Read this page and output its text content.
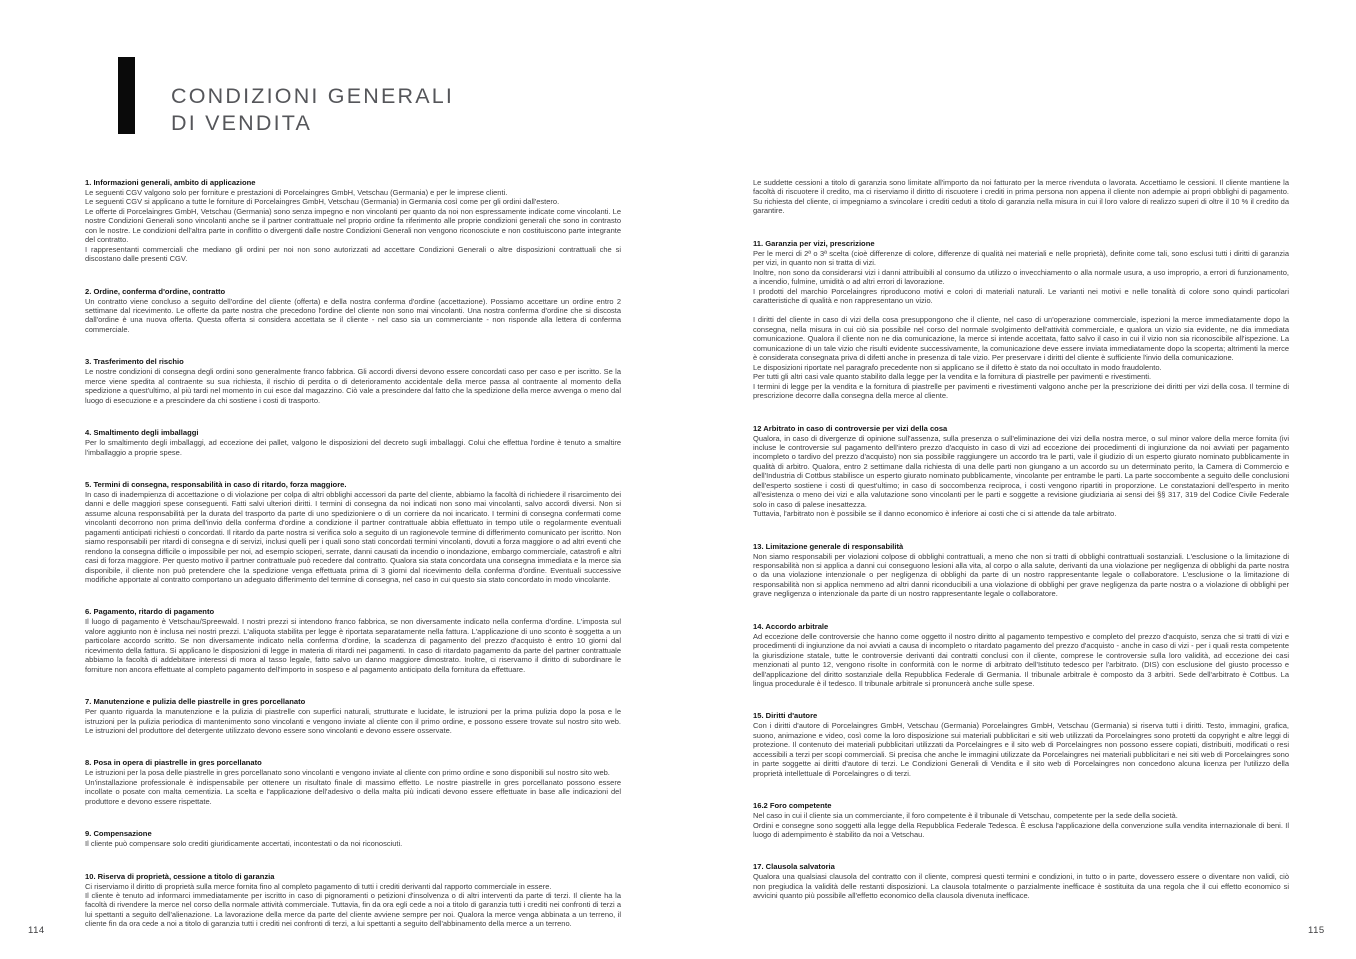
CONDIZIONI GENERALI
DI VENDITA
1. Informazioni generali, ambito di applicazione

Le seguenti CGV valgono solo per forniture e prestazioni di Porcelaingres GmbH, Vetschau (Germania) e per le imprese clienti.

Le seguenti CGV si applicano a tutte le forniture di Porcelaingres GmbH, Vetschau (Germania) in Germania così come per gli ordini dall'estero.

Le offerte di Porcelaingres GmbH, Vetschau (Germania) sono senza impegno e non vincolanti per quanto da noi non espressamente indicate come vincolanti. Le nostre Condizioni Generali sono vincolanti anche se il partner contrattuale nel proprio ordine fa riferimento alle proprie condizioni generali che sono in contrasto con le nostre. Le condizioni dell'altra parte in conflitto o divergenti dalle nostre Condizioni Generali non vengono riconosciute e non costituiscono parte integrante del contratto.

I rappresentanti commerciali che mediano gli ordini per noi non sono autorizzati ad accettare Condizioni Generali o altre disposizioni contrattuali che si discostano dalle presenti CGV.

2. Ordine, conferma d'ordine, contratto

Un contratto viene concluso a seguito dell'ordine del cliente (offerta) e della nostra conferma d'ordine (accettazione). Possiamo accettare un ordine entro 2 settimane dal ricevimento. Le offerte da parte nostra che precedono l'ordine del cliente non sono mai vincolanti. Una nostra conferma d'ordine che si discosta dall'ordine è una nuova offerta. Questa offerta si considera accettata se il cliente - nel caso sia un commerciante - non risponde alla lettera di conferma commerciale.

3. Trasferimento del rischio

Le nostre condizioni di consegna degli ordini sono generalmente franco fabbrica. Gli accordi diversi devono essere concordati caso per caso e per iscritto. Se la merce viene spedita al contraente su sua richiesta, il rischio di perdita o di deterioramento accidentale della merce passa al contraente al momento della spedizione a quest'ultimo, al più tardi nel momento in cui esce dal magazzino. Ciò vale a prescindere dal fatto che la spedizione della merce avvenga o meno dal luogo di esecuzione e a prescindere da chi sostiene i costi di trasporto.

4. Smaltimento degli imballaggi

Per lo smaltimento degli imballaggi, ad eccezione dei pallet, valgono le disposizioni del decreto sugli imballaggi. Colui che effettua l'ordine è tenuto a smaltire l'imballaggio a proprie spese.

5. Termini di consegna, responsabilità in caso di ritardo, forza maggiore.

In caso di inadempienza di accettazione o di violazione per colpa di altri obblighi accessori da parte del cliente, abbiamo la facoltà di richiedere il risarcimento dei danni e delle maggiori spese conseguenti. Fatti salvi ulteriori diritti. I termini di consegna da noi indicati non sono mai vincolanti, salvo accordi diversi. Non si assume alcuna responsabilità per la durata del trasporto da parte di uno spedizioniere o di un corriere da noi incaricato. I termini di consegna confermati come vincolanti decorrono non prima dell'invio della conferma d'ordine a condizione il partner contrattuale abbia effettuato in tempo utile o regolarmente eventuali pagamenti anticipati richiesti o concordati. Il ritardo da parte nostra si verifica solo a seguito di un ragionevole termine di differimento comunicato per iscritto. Non siamo responsabili per ritardi di consegna e di servizi, inclusi quelli per i quali sono stati concordati termini vincolanti, dovuti a forza maggiore o ad altri eventi che rendono la consegna difficile o impossibile per noi, ad esempio scioperi, serrate, danni causati da incendio o inondazione, embargo commerciale, catastrofi e altri casi di forza maggiore. Per questo motivo il partner contrattuale può recedere dal contratto. Qualora sia stata concordata una consegna immediata e la merce sia disponibile, il cliente non può pretendere che la spedizione venga effettuata prima di 3 giorni dal ricevimento della conferma d'ordine. Eventuali successive modifiche apportate al contratto comportano un adeguato differimento del termine di consegna, nel caso in cui questo sia stato concordato in modo vincolante.

6. Pagamento, ritardo di pagamento

Il luogo di pagamento è Vetschau/Spreewald. I nostri prezzi si intendono franco fabbrica, se non diversamente indicato nella conferma d'ordine. L'imposta sul valore aggiunto non è inclusa nei nostri prezzi. L'aliquota stabilita per legge è riportata separatamente nella fattura. L'applicazione di uno sconto è soggetta a un particolare accordo scritto. Se non diversamente indicato nella conferma d'ordine, la scadenza di pagamento del prezzo d'acquisto è entro 10 giorni dal ricevimento della fattura. Si applicano le disposizioni di legge in materia di ritardi nei pagamenti. In caso di ritardato pagamento da parte del partner contrattuale abbiamo la facoltà di addebitare interessi di mora al tasso legale, fatto salvo un danno maggiore dimostrato. Inoltre, ci riservamo il diritto di subordinare le forniture non ancora effettuate al completo pagamento dell'importo in sospeso e al pagamento anticipato della fornitura da effettuare.

7. Manutenzione e pulizia delle piastrelle in gres porcellanato

Per quanto riguarda la manutenzione e la pulizia di piastrelle con superfici naturali, strutturate e lucidate, le istruzioni per la prima pulizia dopo la posa e le istruzioni per la pulizia periodica di mantenimento sono vincolanti e vengono inviate al cliente con il primo ordine, e possono essere trovate sul nostro sito web. Le istruzioni del produttore del detergente utilizzato devono essere sono vincolanti e devono essere osservate.

8. Posa in opera di piastrelle in gres porcellanato

Le istruzioni per la posa delle piastrelle in gres porcellanato sono vincolanti e vengono inviate al cliente con primo ordine e sono disponibili sul nostro sito web.

Un'installazione professionale è indispensabile per ottenere un risultato finale di massimo effetto. Le nostre piastrelle in gres porcellanato possono essere incollate o posate con malta cementizia. La scelta e l'applicazione dell'adesivo o della malta più indicati devono essere effettuate in base alle indicazioni del produttore e devono essere rispettate.

9. Compensazione

Il cliente può compensare solo crediti giuridicamente accertati, incontestati o da noi riconosciuti.

10. Riserva di proprietà, cessione a titolo di garanzia

Ci riserviamo il diritto di proprietà sulla merce fornita fino al completo pagamento di tutti i crediti derivanti dal rapporto commerciale in essere.

Il cliente è tenuto ad informarci immediatamente per iscritto in caso di pignoramenti o petizioni d'insolvenza o di altri interventi da parte di terzi. Il cliente ha la facoltà di rivendere la merce nel corso della normale attività commerciale. Tuttavia, fin da ora egli cede a noi a titolo di garanzia tutti i crediti nei confronti di terzi a lui spettanti a seguito dell'alienazione. La lavorazione della merce da parte del cliente avviene sempre per noi. Qualora la merce venga abbinata a un terreno, il cliente fin da ora cede a noi a titolo di garanzia tutti i crediti nei confronti di terzi, a lui spettanti a seguito dell'abbinamento della merce a un terreno.

Le suddette cessioni a titolo di garanzia sono limitate all'importo da noi fatturato per la merce rivenduta o lavorata. Accettiamo le cessioni. Il cliente mantiene la facoltà di riscuotere il credito, ma ci riserviamo il diritto di riscuotere i crediti in prima persona non appena il cliente non adempie ai propri obblighi di pagamento. Su richiesta del cliente, ci impegniamo a svincolare i crediti ceduti a titolo di garanzia nella misura in cui il loro valore di realizzo superi di oltre il 10 % il credito da garantire.

11. Garanzia per vizi, prescrizione

Per le merci di 2ª o 3ª scelta (cioè differenze di colore, differenze di qualità nei materiali e nelle proprietà), definite come tali, sono esclusi tutti i diritti di garanzia per vizi, in quanto non si tratta di vizi.

Inoltre, non sono da considerarsi vizi i danni attribuibili al consumo da utilizzo o invecchiamento o alla normale usura, a uso improprio, a errori di funzionamento, a incendio, fulmine, umidità o ad altri errori di lavorazione.

I prodotti del marchio Porcelaingres riproducono motivi e colori di materiali naturali. Le varianti nei motivi e nelle tonalità di colore sono quindi particolari caratteristiche di qualità e non rappresentano un vizio.

I diritti del cliente in caso di vizi della cosa presuppongono che il cliente, nel caso di un'operazione commerciale, ispezioni la merce immediatamente dopo la consegna, nella misura in cui ciò sia possibile nel corso del normale svolgimento dell'attività commerciale, e qualora un vizio sia evidente, ne dia immediata comunicazione. Qualora il cliente non ne dia comunicazione, la merce si intende accettata, fatto salvo il caso in cui il vizio non sia riconoscibile all'ispezione. La comunicazione di un tale vizio che risulti evidente successivamente, la comunicazione deve essere inviata immediatamente dopo la scoperta; altrimenti la merce è considerata consegnata priva di difetti anche in presenza di tale vizio. Per preservare i diritti del cliente è sufficiente l'invio della comunicazione.

Le disposizioni riportate nel paragrafo precedente non si applicano se il difetto è stato da noi occultato in modo fraudolento.

Per tutti gli altri casi vale quanto stabilito dalla legge per la vendita e la fornitura di piastrelle per pavimenti e rivestimenti.

I termini di legge per la vendita e la fornitura di piastrelle per pavimenti e rivestimenti valgono anche per la prescrizione dei diritti per vizi della cosa. Il termine di prescrizione decorre dalla consegna della merce al cliente.

12 Arbitrato in caso di controversie per vizi della cosa

Qualora, in caso di divergenze di opinione sull'assenza, sulla presenza o sull'eliminazione dei vizi della nostra merce, o sul minor valore della merce fornita (ivi incluse le controversie sul pagamento dell'intero prezzo d'acquisto in caso di vizi ad eccezione dei procedimenti di ingiunzione da noi avviati per pagamento incompleto o tardivo del prezzo d'acquisto) non sia possibile raggiungere un accordo tra le parti, vale il giudizio di un esperto giurato nominato pubblicamente in qualità di arbitro. Qualora, entro 2 settimane dalla richiesta di una delle parti non giungano a un accordo su un determinato perito, la Camera di Commercio e dell'Industria di Cottbus stabilisce un esperto giurato nominato pubblicamente, vincolante per entrambe le parti. La parte soccombente a seguito delle conclusioni dell'esperto sostiene i costi di quest'ultimo; in caso di soccombenza reciproca, i costi vengono ripartiti in proporzione. Le constatazioni dell'esperto in merito all'esistenza o meno dei vizi e alla valutazione sono vincolanti per le parti e soggette a revisione giudiziaria ai sensi dei §§ 317, 319 del Codice Civile Federale solo in caso di palese inesattezza.

Tuttavia, l'arbitrato non è possibile se il danno economico è inferiore ai costi che ci si attende da tale arbitrato.

13. Limitazione generale di responsabilità

Non siamo responsabili per violazioni colpose di obblighi contrattuali, a meno che non si tratti di obblighi contrattuali sostanziali. L'esclusione o la limitazione di responsabilità non si applica a danni cui conseguono lesioni alla vita, al corpo o alla salute, derivanti da una violazione per negligenza di obblighi da parte nostra o da una violazione intenzionale o per negligenza di obblighi da parte di un nostro rappresentante legale o collaboratore. L'esclusione o la limitazione di responsabilità non si applica nemmeno ad altri danni riconducibili a una violazione di obblighi per grave negligenza da parte nostra o a violazione di obblighi per grave negligenza o intenzionale da parte di un nostro rappresentante legale o collaboratore.

14. Accordo arbitrale

Ad eccezione delle controversie che hanno come oggetto il nostro diritto al pagamento tempestivo e completo del prezzo d'acquisto, senza che si tratti di vizi e procedimenti di ingiunzione da noi avviati a causa di incompleto o ritardato pagamento del prezzo d'acquisto - anche in caso di vizi - per i quali resta competente la giurisdizione statale, tutte le controversie derivanti dai contratti conclusi con il cliente, comprese le controversie sulla loro validità, ad eccezione dei casi menzionati al punto 12, vengono risolte in conformità con le norme di arbitrato dell'Istituto tedesco per l'arbitrato. (DIS) con esclusione del giusto processo e dell'applicazione del diritto sostanziale della Repubblica Federale di Germania. Il tribunale arbitrale è composto da 3 arbitri. Sede dell'arbitrato è Cottbus. La lingua procedurale è il tedesco. Il tribunale arbitrale si pronuncerà anche sulle spese.

15. Diritti d'autore

Con i diritti d'autore di Porcelaingres GmbH, Vetschau (Germania) Porcelaingres GmbH, Vetschau (Germania) si riserva tutti i diritti. Testo, immagini, grafica, suono, animazione e video, così come la loro disposizione sui materiali pubblicitari e siti web utilizzati da Porcelaingres sono protetti da copyright e altre leggi di protezione. Il contenuto dei materiali pubblicitari utilizzati da Porcelaingres e il sito web di Porcelaingres non possono essere copiati, distribuiti, modificati o resi accessibili a terzi per scopi commerciali. Si precisa che anche le immagini utilizzate da Porcelaingres nei materiali pubblicitari e nei siti web di Porcelaingres sono in parte soggette ai diritti d'autore di terzi. Le Condizioni Generali di Vendita e il sito web di Porcelaingres non concedono alcuna licenza per l'utilizzo della proprietà intellettuale di Porcelaingres o di terzi.

16.2 Foro competente

Nel caso in cui il cliente sia un commerciante, il foro competente è il tribunale di Vetschau, competente per la sede della società.

Ordini e consegne sono soggetti alla legge della Repubblica Federale Tedesca. È esclusa l'applicazione della convenzione sulla vendita internazionale di beni. Il luogo di adempimento è stabilito da noi a Vetschau.

17. Clausola salvatoria

Qualora una qualsiasi clausola del contratto con il cliente, compresi questi termini e condizioni, in tutto o in parte, dovessero essere o diventare non validi, ciò non pregiudica la validità delle restanti disposizioni. La clausola totalmente o parzialmente inefficace è sostituita da una regola che il cui effetto economico si avvicini quanto più possibile all'effetto economico della clausola divenuta inefficace.

114	115
